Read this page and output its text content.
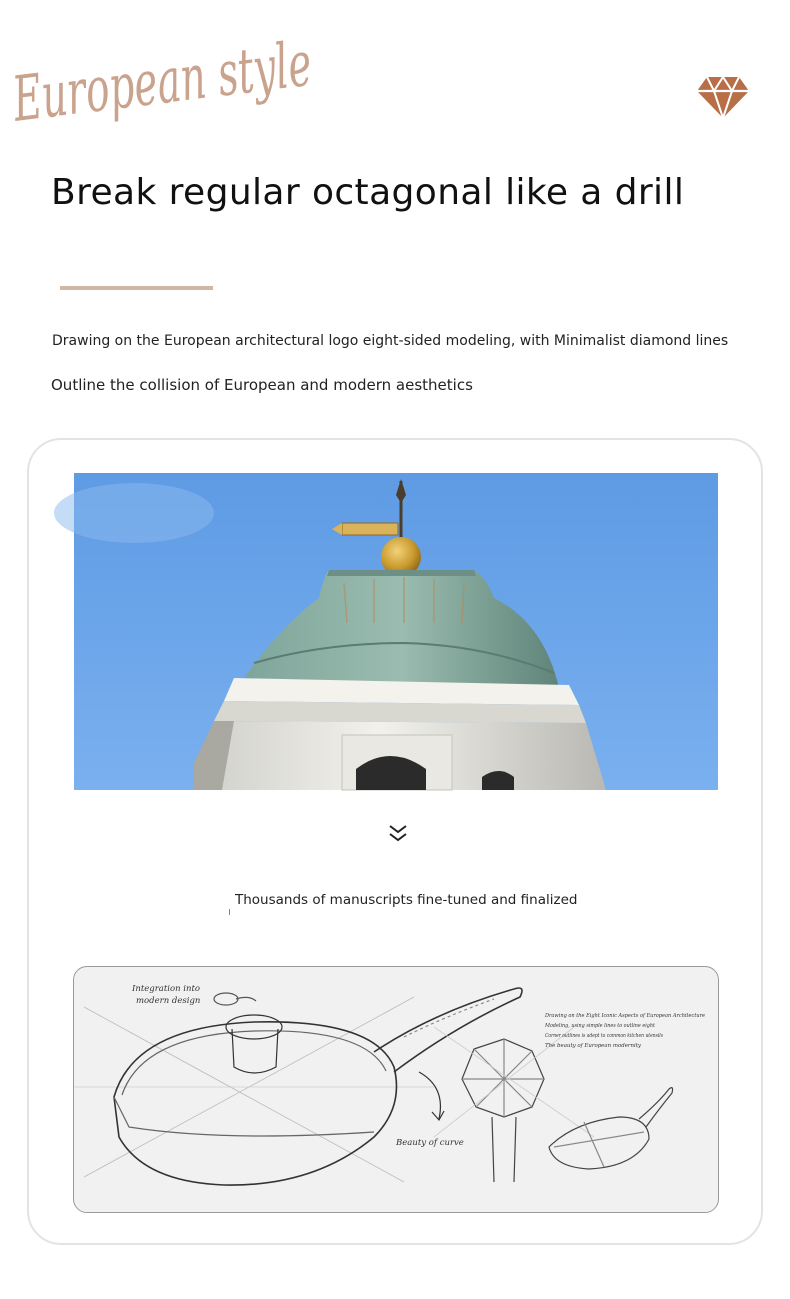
European style
Break regular octagonal like a drill

Drawing on the European architectural logo eight-sided modeling, with Minimalist diamond lines

Outline the collision of European and modern aesthetics

Thousands of manuscripts fine-tuned and finalized

Integration into
modern design
Beauty of curve
Drawing on the Eight Iconic Aspects of European Architecture
Modeling, using simple lines to outline eight
Corner outlines is adept to common kitchen utensils
The beauty of European modernity
